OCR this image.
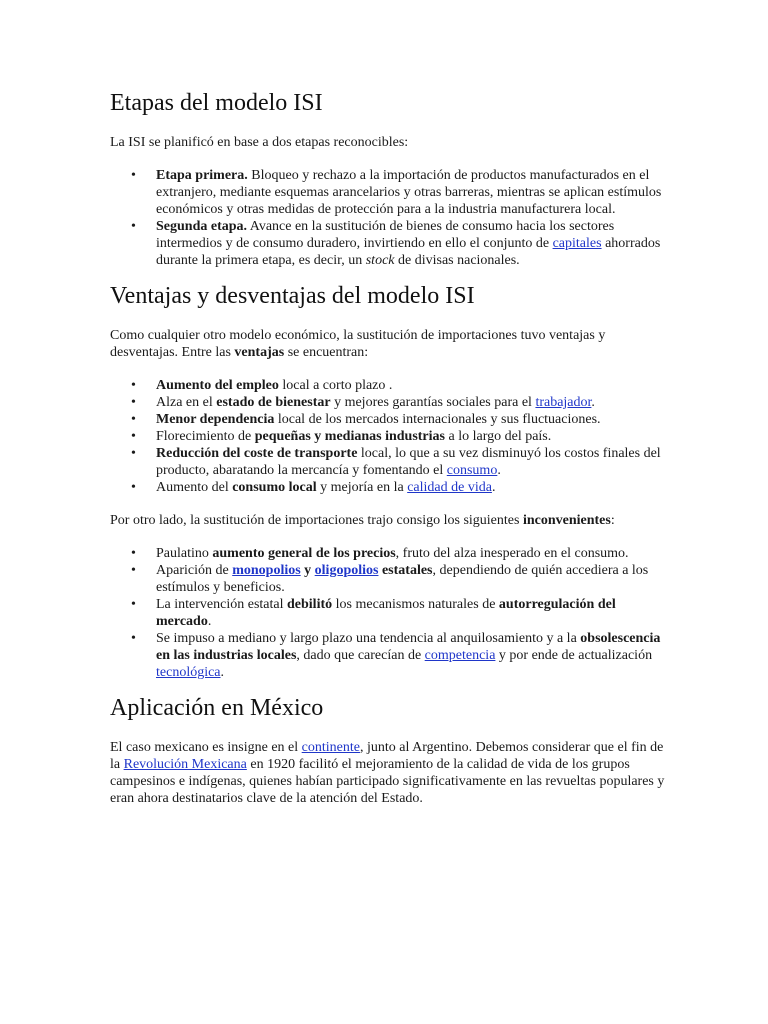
Etapas del modelo ISI

La ISI se planificó en base a dos etapas reconocibles:

• Etapa primera. Bloqueo y rechazo a la importación de productos manufacturados en el extranjero, mediante esquemas arancelarios y otras barreras, mientras se aplican estímulos económicos y otras medidas de protección para a la industria manufacturera local.
• Segunda etapa. Avance en la sustitución de bienes de consumo hacia los sectores intermedios y de consumo duradero, invirtiendo en ello el conjunto de capitales ahorrados durante la primera etapa, es decir, un stock de divisas nacionales.
Ventajas y desventajas del modelo ISI

Como cualquier otro modelo económico, la sustitución de importaciones tuvo ventajas y desventajas. Entre las ventajas se encuentran:

• Aumento del empleo local a corto plazo .
• Alza en el estado de bienestar y mejores garantías sociales para el trabajador.
• Menor dependencia local de los mercados internacionales y sus fluctuaciones.
• Florecimiento de pequeñas y medianas industrias a lo largo del país.
• Reducción del coste de transporte local, lo que a su vez disminuyó los costos finales del producto, abaratando la mercancía y fomentando el consumo.
• Aumento del consumo local y mejoría en la calidad de vida.

Por otro lado, la sustitución de importaciones trajo consigo los siguientes inconvenientes:

• Paulatino aumento general de los precios, fruto del alza inesperado en el consumo.
• Aparición de monopolios y oligopolios estatales, dependiendo de quién accediera a los estímulos y beneficios.
• La intervención estatal debilitó los mecanismos naturales de autorregulación del mercado.
• Se impuso a mediano y largo plazo una tendencia al anquilosamiento y a la obsolescencia en las industrias locales, dado que carecían de competencia y por ende de actualización tecnológica.
Aplicación en México

El caso mexicano es insigne en el continente, junto al Argentino. Debemos considerar que el fin de la Revolución Mexicana en 1920 facilitó el mejoramiento de la calidad de vida de los grupos campesinos e indígenas, quienes habían participado significativamente en las revueltas populares y eran ahora destinatarios clave de la atención del Estado.
